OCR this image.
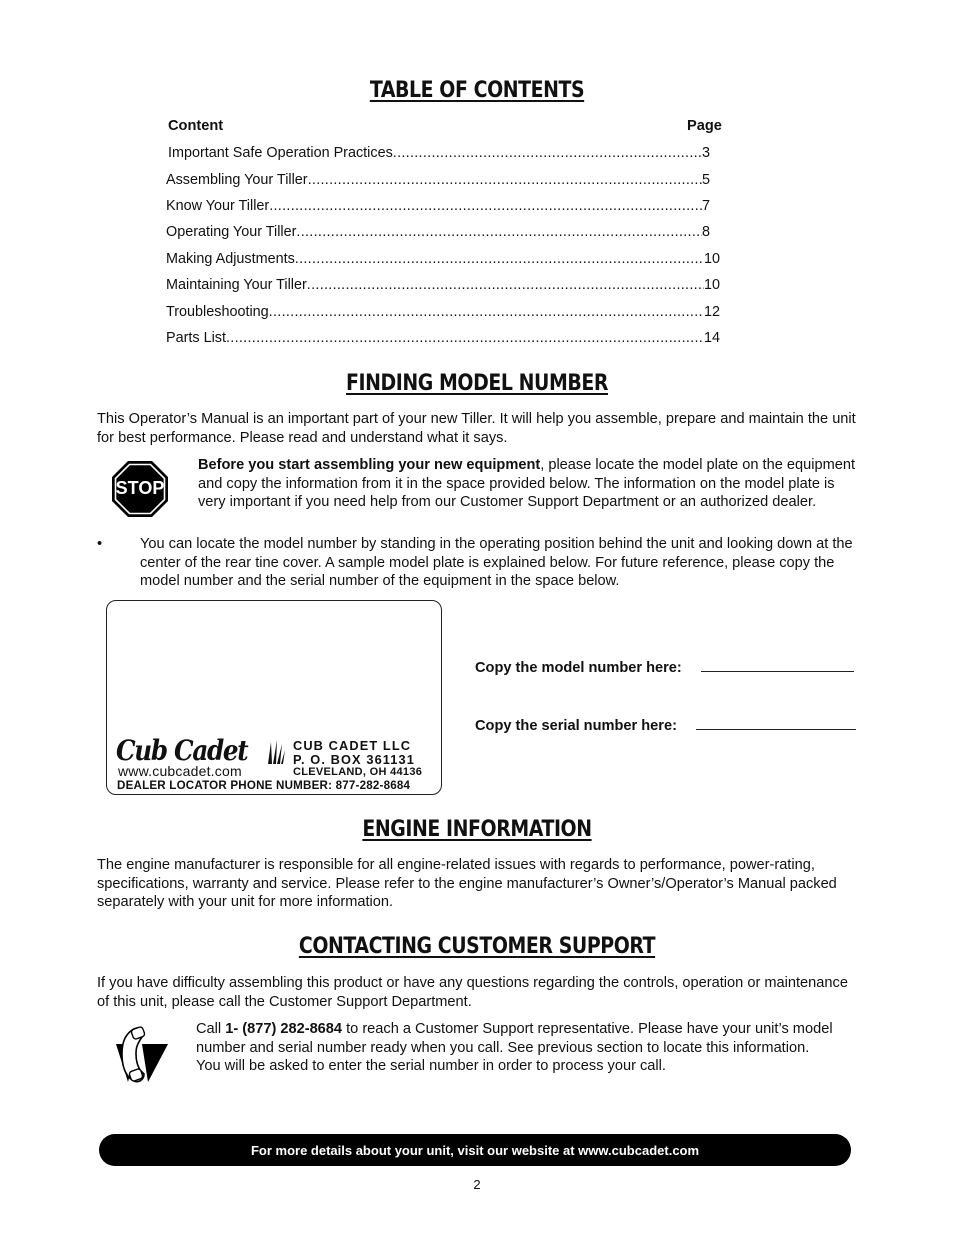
TABLE OF CONTENTS
Content	Page
Important Safe Operation Practices .....	3
Assembling Your Tiller .....	5
Know Your Tiller .....	7
Operating Your Tiller .....	8
Making Adjustments .....	10
Maintaining Your Tiller .....	10
Troubleshooting .....	12
Parts List .....	14
FINDING MODEL NUMBER

This Operator’s Manual is an important part of your new Tiller. It will help you assemble, prepare and maintain the unit for best performance. Please read and understand what it says.

STOP

Before you start assembling your new equipment, please locate the model plate on the equipment and copy the information from it in the space provided below. The information on the model plate is very important if you need help from our Customer Support Department or an authorized dealer.

•	You can locate the model number by standing in the operating position behind the unit and looking down at the center of the rear tine cover. A sample model plate is explained below. For future reference, please copy the model number and the serial number of the equipment in the space below.

Cub Cadet
www.cubcadet.com
CUB CADET LLC
P. O. BOX 361131
CLEVELAND, OH 44136
DEALER LOCATOR PHONE NUMBER: 877-282-8684
Copy the model number here:
Copy the serial number here:
ENGINE INFORMATION

The engine manufacturer is responsible for all engine-related issues with regards to performance, power-rating, specifications, warranty and service. Please refer to the engine manufacturer’s Owner’s/Operator’s Manual packed separately with your unit for more information.

CONTACTING CUSTOMER SUPPORT

If you have difficulty assembling this product or have any questions regarding the controls, operation or maintenance of this unit, please call the Customer Support Department.

Call 1- (877) 282-8684 to reach a Customer Support representative. Please have your unit’s model number and serial number ready when you call. See previous section to locate this information. You will be asked to enter the serial number in order to process your call.

For more details about your unit, visit our website at www.cubcadet.com
2
